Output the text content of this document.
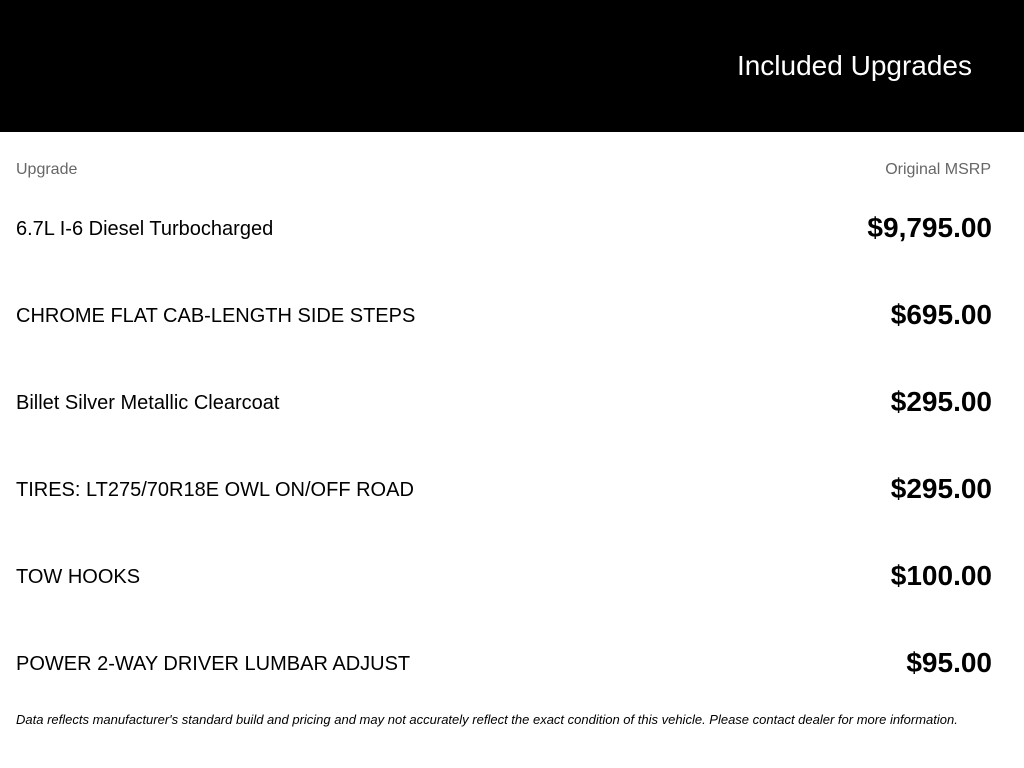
Included Upgrades
Upgrade	Original MSRP
6.7L I-6 Diesel Turbocharged	$9,795.00
CHROME FLAT CAB-LENGTH SIDE STEPS	$695.00
Billet Silver Metallic Clearcoat	$295.00
TIRES: LT275/70R18E OWL ON/OFF ROAD	$295.00
TOW HOOKS	$100.00
POWER 2-WAY DRIVER LUMBAR ADJUST	$95.00
Data reflects manufacturer's standard build and pricing and may not accurately reflect the exact condition of this vehicle. Please contact dealer for more information.
